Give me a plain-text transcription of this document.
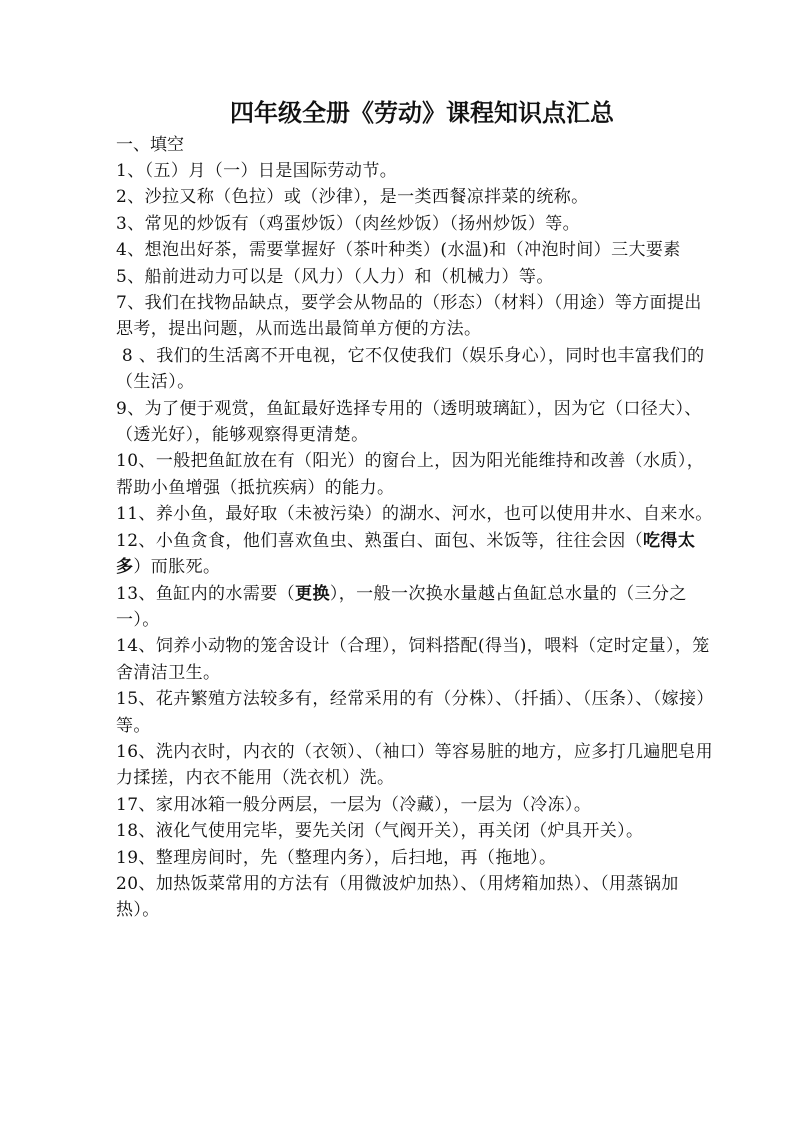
四年级全册《劳动》课程知识点汇总

一、填空

1、（五）月（一）日是国际劳动节。

2、沙拉又称（色拉）或（沙律），是一类西餐凉拌菜的统称。

3、常见的炒饭有（鸡蛋炒饭）（肉丝炒饭）（扬州炒饭）等。

4、想泡出好茶，需要掌握好（茶叶种类）(水温)和（冲泡时间）三大要素

5、船前进动力可以是（风力）（人力）和（机械力）等。

7、我们在找物品缺点，要学会从物品的（形态）（材料）（用途）等方面提出思考，提出问题，从而选出最简单方便的方法。

8 、我们的生活离不开电视，它不仅使我们（娱乐身心），同时也丰富我们的（生活）。

9、为了便于观赏，鱼缸最好选择专用的（透明玻璃缸），因为它（口径大）、（透光好），能够观察得更清楚。

10、一般把鱼缸放在有（阳光）的窗台上，因为阳光能维持和改善（水质），帮助小鱼增强（抵抗疾病）的能力。

11、养小鱼，最好取（未被污染）的湖水、河水，也可以使用井水、自来水。

12、小鱼贪食，他们喜欢鱼虫、熟蛋白、面包、米饭等，往往会因（吃得太多）而胀死。

13、鱼缸内的水需要（更换），一般一次换水量越占鱼缸总水量的（三分之一）。

14、饲养小动物的笼舍设计（合理），饲料搭配(得当)，喂料（定时定量），笼舍清洁卫生。

15、花卉繁殖方法较多有，经常采用的有（分株）、（扦插）、（压条）、（嫁接）等。

16、洗内衣时，内衣的（衣领）、（袖口）等容易脏的地方，应多打几遍肥皂用力揉搓，内衣不能用（洗衣机）洗。

17、家用冰箱一般分两层，一层为（冷藏），一层为（冷冻）。

18、液化气使用完毕，要先关闭（气阀开关），再关闭（炉具开关）。

19、整理房间时，先（整理内务），后扫地，再（拖地）。

20、加热饭菜常用的方法有（用微波炉加热）、（用烤箱加热）、（用蒸锅加热）。
